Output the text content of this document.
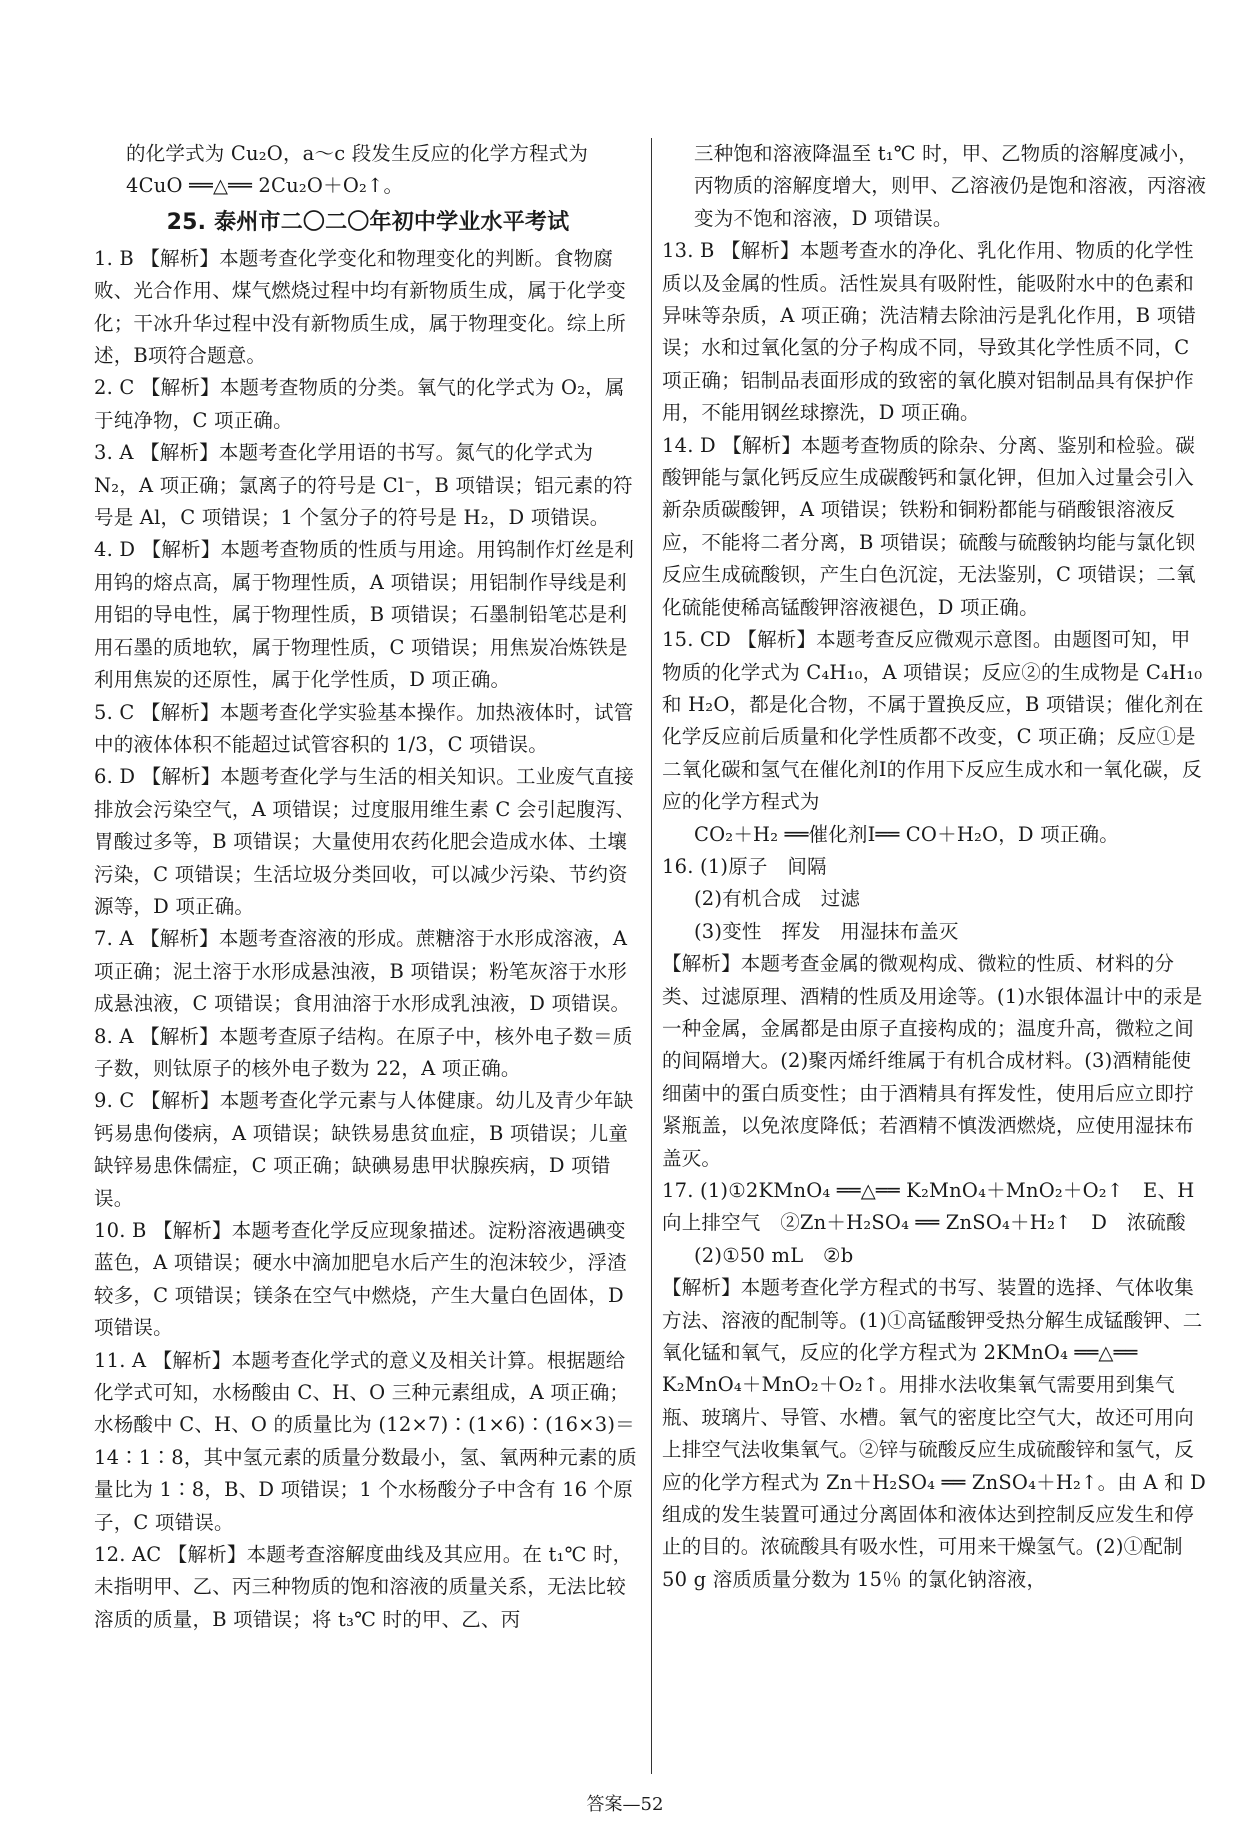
的化学式为 Cu₂O，a～c 段发生反应的化学方程式为

4CuO ══△══ 2Cu₂O＋O₂↑。

25. 泰州市二〇二〇年初中学业水平考试

1. B 【解析】本题考查化学变化和物理变化的判断。食物腐败、光合作用、煤气燃烧过程中均有新物质生成，属于化学变化；干冰升华过程中没有新物质生成，属于物理变化。综上所述，B项符合题意。

2. C 【解析】本题考查物质的分类。氧气的化学式为 O₂，属于纯净物，C 项正确。

3. A 【解析】本题考查化学用语的书写。氮气的化学式为 N₂，A 项正确；氯离子的符号是 Cl⁻，B 项错误；铝元素的符号是 Al，C 项错误；1 个氢分子的符号是 H₂，D 项错误。

4. D 【解析】本题考查物质的性质与用途。用钨制作灯丝是利用钨的熔点高，属于物理性质，A 项错误；用铝制作导线是利用铝的导电性，属于物理性质，B 项错误；石墨制铅笔芯是利用石墨的质地软，属于物理性质，C 项错误；用焦炭冶炼铁是利用焦炭的还原性，属于化学性质，D 项正确。

5. C 【解析】本题考查化学实验基本操作。加热液体时，试管中的液体体积不能超过试管容积的 1/3，C 项错误。

6. D 【解析】本题考查化学与生活的相关知识。工业废气直接排放会污染空气，A 项错误；过度服用维生素 C 会引起腹泻、胃酸过多等，B 项错误；大量使用农药化肥会造成水体、土壤污染，C 项错误；生活垃圾分类回收，可以减少污染、节约资源等，D 项正确。

7. A 【解析】本题考查溶液的形成。蔗糖溶于水形成溶液，A 项正确；泥土溶于水形成悬浊液，B 项错误；粉笔灰溶于水形成悬浊液，C 项错误；食用油溶于水形成乳浊液，D 项错误。

8. A 【解析】本题考查原子结构。在原子中，核外电子数＝质子数，则钛原子的核外电子数为 22，A 项正确。

9. C 【解析】本题考查化学元素与人体健康。幼儿及青少年缺钙易患佝偻病，A 项错误；缺铁易患贫血症，B 项错误；儿童缺锌易患侏儒症，C 项正确；缺碘易患甲状腺疾病，D 项错误。

10. B 【解析】本题考查化学反应现象描述。淀粉溶液遇碘变蓝色，A 项错误；硬水中滴加肥皂水后产生的泡沫较少，浮渣较多，C 项错误；镁条在空气中燃烧，产生大量白色固体，D 项错误。

11. A 【解析】本题考查化学式的意义及相关计算。根据题给化学式可知，水杨酸由 C、H、O 三种元素组成，A 项正确；水杨酸中 C、H、O 的质量比为 (12×7)∶(1×6)∶(16×3)＝14∶1∶8，其中氢元素的质量分数最小，氢、氧两种元素的质量比为 1∶8，B、D 项错误；1 个水杨酸分子中含有 16 个原子，C 项错误。

12. AC 【解析】本题考查溶解度曲线及其应用。在 t₁℃ 时，未指明甲、乙、丙三种物质的饱和溶液的质量关系，无法比较溶质的质量，B 项错误；将 t₃℃ 时的甲、乙、丙

三种饱和溶液降温至 t₁℃ 时，甲、乙物质的溶解度减小，丙物质的溶解度增大，则甲、乙溶液仍是饱和溶液，丙溶液变为不饱和溶液，D 项错误。

13. B 【解析】本题考查水的净化、乳化作用、物质的化学性质以及金属的性质。活性炭具有吸附性，能吸附水中的色素和异味等杂质，A 项正确；洗洁精去除油污是乳化作用，B 项错误；水和过氧化氢的分子构成不同，导致其化学性质不同，C 项正确；铝制品表面形成的致密的氧化膜对铝制品具有保护作用，不能用钢丝球擦洗，D 项正确。

14. D 【解析】本题考查物质的除杂、分离、鉴别和检验。碳酸钾能与氯化钙反应生成碳酸钙和氯化钾，但加入过量会引入新杂质碳酸钾，A 项错误；铁粉和铜粉都能与硝酸银溶液反应，不能将二者分离，B 项错误；硫酸与硫酸钠均能与氯化钡反应生成硫酸钡，产生白色沉淀，无法鉴别，C 项错误；二氧化硫能使稀高锰酸钾溶液褪色，D 项正确。

15. CD 【解析】本题考查反应微观示意图。由题图可知，甲物质的化学式为 C₄H₁₀，A 项错误；反应②的生成物是 C₄H₁₀ 和 H₂O，都是化合物，不属于置换反应，B 项错误；催化剂在化学反应前后质量和化学性质都不改变，C 项正确；反应①是二氧化碳和氢气在催化剂Ⅰ的作用下反应生成水和一氧化碳，反应的化学方程式为

CO₂＋H₂ ══催化剂Ⅰ══ CO＋H₂O，D 项正确。

16. (1)原子　间隔

(2)有机合成　过滤

(3)变性　挥发　用湿抹布盖灭

【解析】本题考查金属的微观构成、微粒的性质、材料的分类、过滤原理、酒精的性质及用途等。(1)水银体温计中的汞是一种金属，金属都是由原子直接构成的；温度升高，微粒之间的间隔增大。(2)聚丙烯纤维属于有机合成材料。(3)酒精能使细菌中的蛋白质变性；由于酒精具有挥发性，使用后应立即拧紧瓶盖，以免浓度降低；若酒精不慎泼洒燃烧，应使用湿抹布盖灭。

17. (1)①2KMnO₄ ══△══ K₂MnO₄＋MnO₂＋O₂↑　E、H　向上排空气　②Zn＋H₂SO₄ ══ ZnSO₄＋H₂↑　D　浓硫酸

(2)①50 mL　②b

【解析】本题考查化学方程式的书写、装置的选择、气体收集方法、溶液的配制等。(1)①高锰酸钾受热分解生成锰酸钾、二氧化锰和氧气，反应的化学方程式为 2KMnO₄ ══△══ K₂MnO₄＋MnO₂＋O₂↑。用排水法收集氧气需要用到集气瓶、玻璃片、导管、水槽。氧气的密度比空气大，故还可用向上排空气法收集氧气。②锌与硫酸反应生成硫酸锌和氢气，反应的化学方程式为 Zn＋H₂SO₄ ══ ZnSO₄＋H₂↑。由 A 和 D 组成的发生装置可通过分离固体和液体达到控制反应发生和停止的目的。浓硫酸具有吸水性，可用来干燥氢气。(2)①配制 50 g 溶质质量分数为 15％ 的氯化钠溶液，

答案—52
